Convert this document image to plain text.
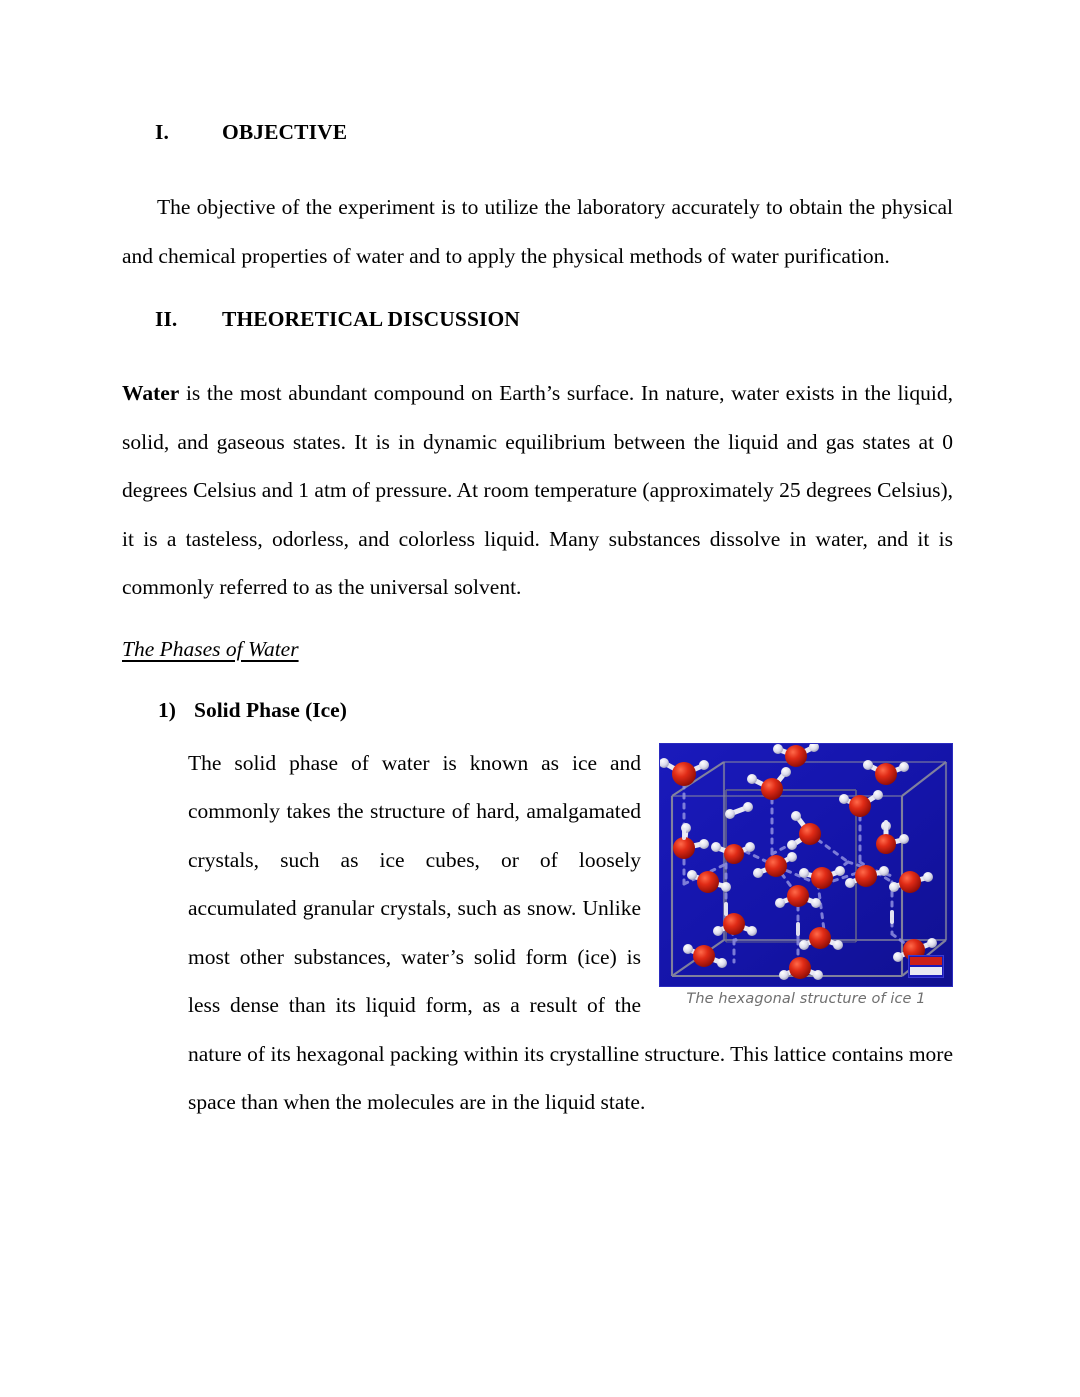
I. OBJECTIVE

The objective of the experiment is to utilize the laboratory accurately to obtain the physical and chemical properties of water and to apply the physical methods of water purification.

II. THEORETICAL DISCUSSION

Water is the most abundant compound on Earth’s surface. In nature, water exists in the liquid, solid, and gaseous states. It is in dynamic equilibrium between the liquid and gas states at 0 degrees Celsius and 1 atm of pressure. At room temperature (approximately 25 degrees Celsius), it is a tasteless, odorless, and colorless liquid. Many substances dissolve in water, and it is commonly referred to as the universal solvent.

The Phases of Water

1) Solid Phase (Ice)
The hexagonal structure of ice 1

The solid phase of water is known as ice and commonly takes the structure of hard, amalgamated crystals, such as ice cubes, or of loosely accumulated granular crystals, such as snow. Unlike most other substances, water’s solid form (ice) is less dense than its liquid form, as a result of the nature of its hexagonal packing within its crystalline structure. This lattice contains more space than when the molecules are in the liquid state.
